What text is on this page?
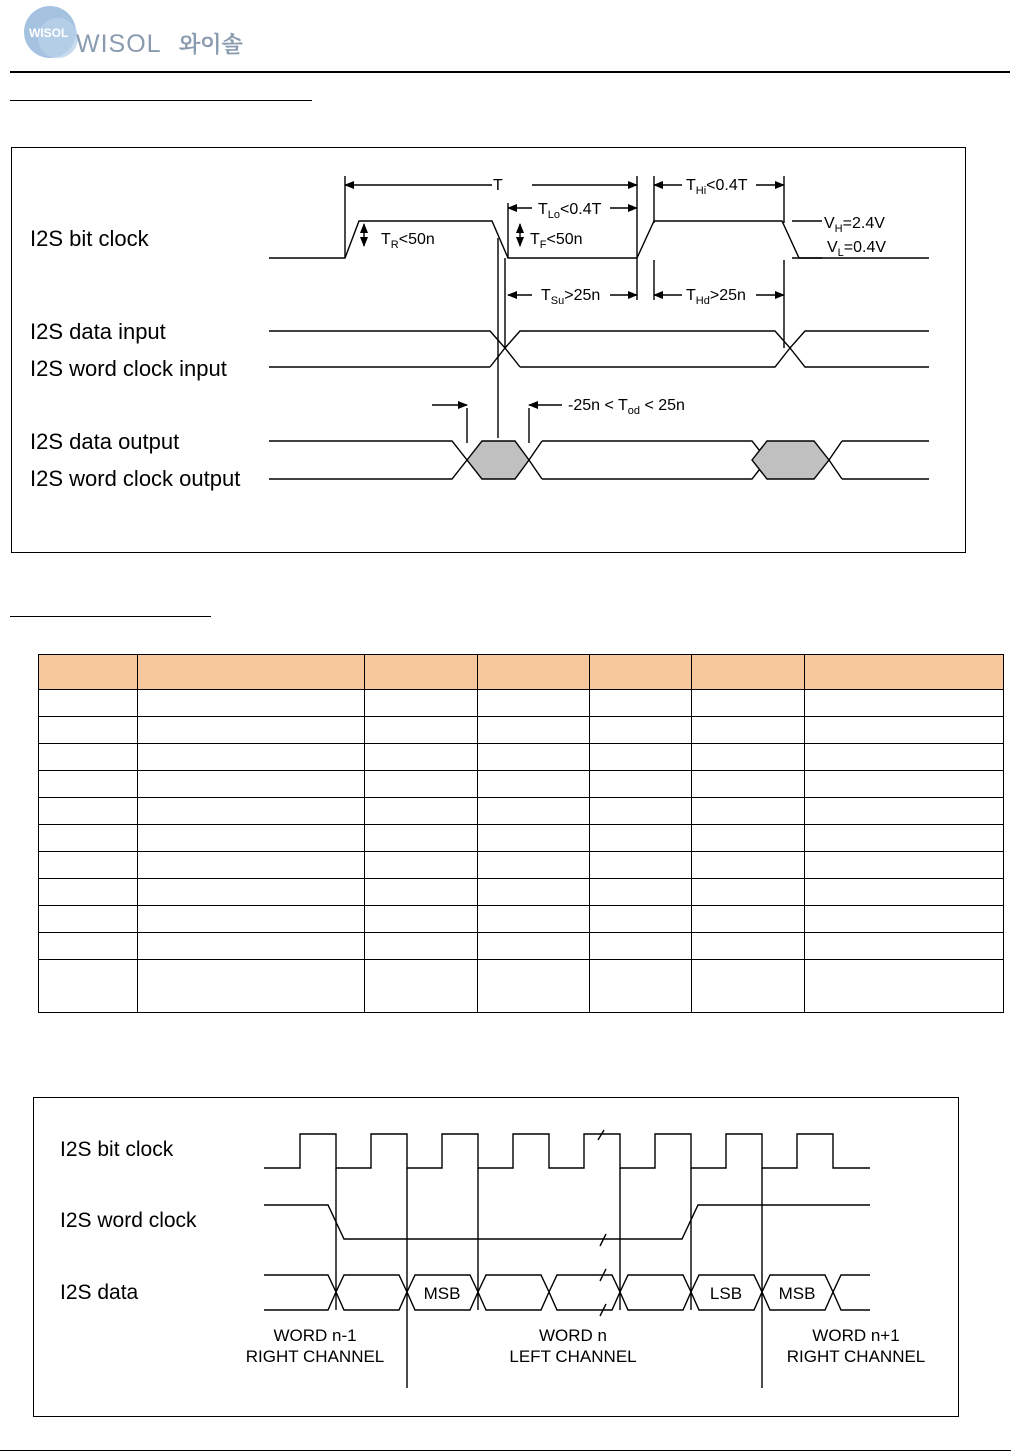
WISOL WISOL 와이솔
I2S bit clock
I2S data input
I2S word clock input
I2S data output
I2S word clock output
T
$T_{Lo}<0.4T$
$T_{Hi}<0.4T$
$T_R<50n$	$T_F<50n$
$V_H=2.4V$
$V_L=0.4V$
$T_{Su}>25n$	$T_{Hd}>25n$
$-25n < T_{od} < 25n$

I2S bit clock
I2S word clock
I2S data	MSB	LSB MSB
WORD n-1
RIGHT CHANNEL
WORD n
LEFT CHANNEL
WORD n+1
RIGHT CHANNEL
